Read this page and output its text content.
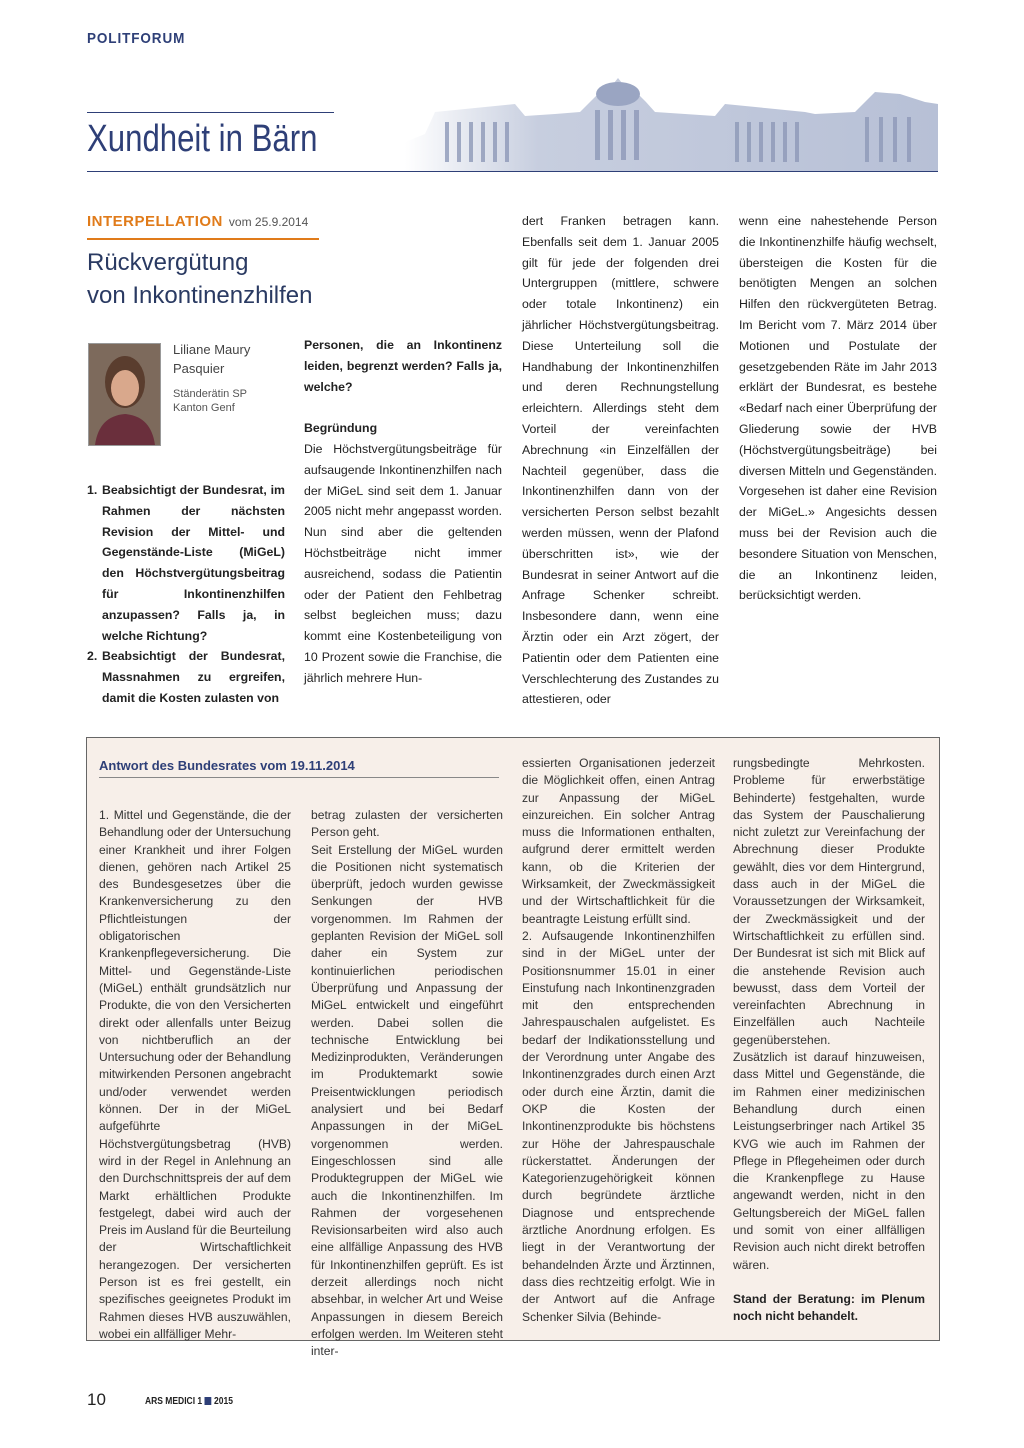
POLITFORUM
Xundheit in Bärn
INTERPELLATION vom 25.9.2014
Rückvergütung
von Inkontinenzhilfen
Liliane Maury
Pasquier
Ständerätin SP
Kanton Genf
1. Beabsichtigt der Bundesrat, im Rahmen der nächsten Revision der Mittel- und Gegenstände-Liste (MiGeL) den Höchstvergütungsbeitrag für Inkontinenzhilfen anzupassen? Falls ja, in welche Richtung?
2. Beabsichtigt der Bundesrat, Massnahmen zu ergreifen, damit die Kosten zulasten von

Personen, die an Inkontinenz leiden, begrenzt werden? Falls ja, welche?

Begründung

Die Höchstvergütungsbeiträge für aufsaugende Inkontinenzhilfen nach der MiGeL sind seit dem 1. Januar 2005 nicht mehr angepasst worden. Nun sind aber die geltenden Höchstbeiträge nicht immer ausreichend, sodass die Patientin oder der Patient den Fehlbetrag selbst begleichen muss; dazu kommt eine Kostenbeteiligung von 10 Prozent sowie die Franchise, die jährlich mehrere Hun-

dert Franken betragen kann. Ebenfalls seit dem 1. Januar 2005 gilt für jede der folgenden drei Untergruppen (mittlere, schwere oder totale Inkontinenz) ein jährlicher Höchstvergütungsbeitrag. Diese Unterteilung soll die Handhabung der Inkontinenzhilfen und deren Rechnungstellung erleichtern. Allerdings steht dem Vorteil der vereinfachten Abrechnung «in Einzelfällen der Nachteil gegenüber, dass die Inkontinenzhilfen dann von der versicherten Person selbst bezahlt werden müssen, wenn der Plafond überschritten ist», wie der Bundesrat in seiner Antwort auf die Anfrage Schenker schreibt. Insbesondere dann, wenn eine Ärztin oder ein Arzt zögert, der Patientin oder dem Patienten eine Verschlechterung des Zustandes zu attestieren, oder

wenn eine nahestehende Person die Inkontinenzhilfe häufig wechselt, übersteigen die Kosten für die benötigten Mengen an solchen Hilfen den rückvergüteten Betrag. Im Bericht vom 7. März 2014 über Motionen und Postulate der gesetzgebenden Räte im Jahr 2013 erklärt der Bundesrat, es bestehe «Bedarf nach einer Überprüfung der Gliederung sowie der HVB (Höchstvergütungsbeiträge) bei diversen Mitteln und Gegenständen. Vorgesehen ist daher eine Revision der MiGeL.» Angesichts dessen muss bei der Revision auch die besondere Situation von Menschen, die an Inkontinenz leiden, berücksichtigt werden.

Antwort des Bundesrates vom 19.11.2014

1. Mittel und Gegenstände, die der Behandlung oder der Untersuchung einer Krankheit und ihrer Folgen dienen, gehören nach Artikel 25 des Bundesgesetzes über die Krankenversicherung zu den Pflichtleistungen der obligatorischen Krankenpflegeversicherung. Die Mittel- und Gegenstände-Liste (MiGeL) enthält grundsätzlich nur Produkte, die von den Versicherten direkt oder allenfalls unter Beizug von nichtberuflich an der Untersuchung oder der Behandlung mitwirkenden Personen angebracht und/oder verwendet werden können. Der in der MiGeL aufgeführte Höchstvergütungsbetrag (HVB) wird in der Regel in Anlehnung an den Durchschnittspreis der auf dem Markt erhältlichen Produkte festgelegt, dabei wird auch der Preis im Ausland für die Beurteilung der Wirtschaftlichkeit herangezogen. Der versicherten Person ist es frei gestellt, ein spezifisches geeignetes Produkt im Rahmen dieses HVB auszuwählen, wobei ein allfälliger Mehr-

betrag zulasten der versicherten Person geht.

Seit Erstellung der MiGeL wurden die Positionen nicht systematisch überprüft, jedoch wurden gewisse Senkungen der HVB vorgenommen. Im Rahmen der geplanten Revision der MiGeL soll daher ein System zur kontinuierlichen periodischen Überprüfung und Anpassung der MiGeL entwickelt und eingeführt werden. Dabei sollen die technische Entwicklung bei Medizinprodukten, Veränderungen im Produktemarkt sowie Preisentwicklungen periodisch analysiert und bei Bedarf Anpassungen in der MiGeL vorgenommen werden. Eingeschlossen sind alle Produktegruppen der MiGeL wie auch die Inkontinenzhilfen. Im Rahmen der vorgesehenen Revisionsarbeiten wird also auch eine allfällige Anpassung des HVB für Inkontinenzhilfen geprüft. Es ist derzeit allerdings noch nicht absehbar, in welcher Art und Weise Anpassungen in diesem Bereich erfolgen werden. Im Weiteren steht inter-

essierten Organisationen jederzeit die Möglichkeit offen, einen Antrag zur Anpassung der MiGeL einzureichen. Ein solcher Antrag muss die Informationen enthalten, aufgrund derer ermittelt werden kann, ob die Kriterien der Wirksamkeit, der Zweckmässigkeit und der Wirtschaftlichkeit für die beantragte Leistung erfüllt sind.

2. Aufsaugende Inkontinenzhilfen sind in der MiGeL unter der Positionsnummer 15.01 in einer Einstufung nach Inkontinenzgraden mit den entsprechenden Jahrespauschalen aufgelistet. Es bedarf der Indikationsstellung und der Verordnung unter Angabe des Inkontinenzgrades durch einen Arzt oder durch eine Ärztin, damit die OKP die Kosten der Inkontinenzprodukte bis höchstens zur Höhe der Jahrespauschale rückerstattet. Änderungen der Kategorienzugehörigkeit können durch begründete ärztliche Diagnose und entsprechende ärztliche Anordnung erfolgen. Es liegt in der Verantwortung der behandelnden Ärzte und Ärztinnen, dass dies rechtzeitig erfolgt. Wie in der Antwort auf die Anfrage Schenker Silvia (Behinde-

rungsbedingte Mehrkosten. Probleme für erwerbstätige Behinderte) festgehalten, wurde das System der Pauschalierung nicht zuletzt zur Vereinfachung der Abrechnung dieser Produkte gewählt, dies vor dem Hintergrund, dass auch in der MiGeL die Voraussetzungen der Wirksamkeit, der Zweckmässigkeit und der Wirtschaftlichkeit zu erfüllen sind. Der Bundesrat ist sich mit Blick auf die anstehende Revision auch bewusst, dass dem Vorteil der vereinfachten Abrechnung in Einzelfällen auch Nachteile gegenüberstehen.

Zusätzlich ist darauf hinzuweisen, dass Mittel und Gegenstände, die im Rahmen einer medizinischen Behandlung durch einen Leistungserbringer nach Artikel 35 KVG wie auch im Rahmen der Pflege in Pflegeheimen oder durch die Krankenpflege zu Hause angewandt werden, nicht in den Geltungsbereich der MiGeL fallen und somit von einer allfälligen Revision auch nicht direkt betroffen wären.

Stand der Beratung: im Plenum noch nicht behandelt.

10	ARS MEDICI 1 2015
